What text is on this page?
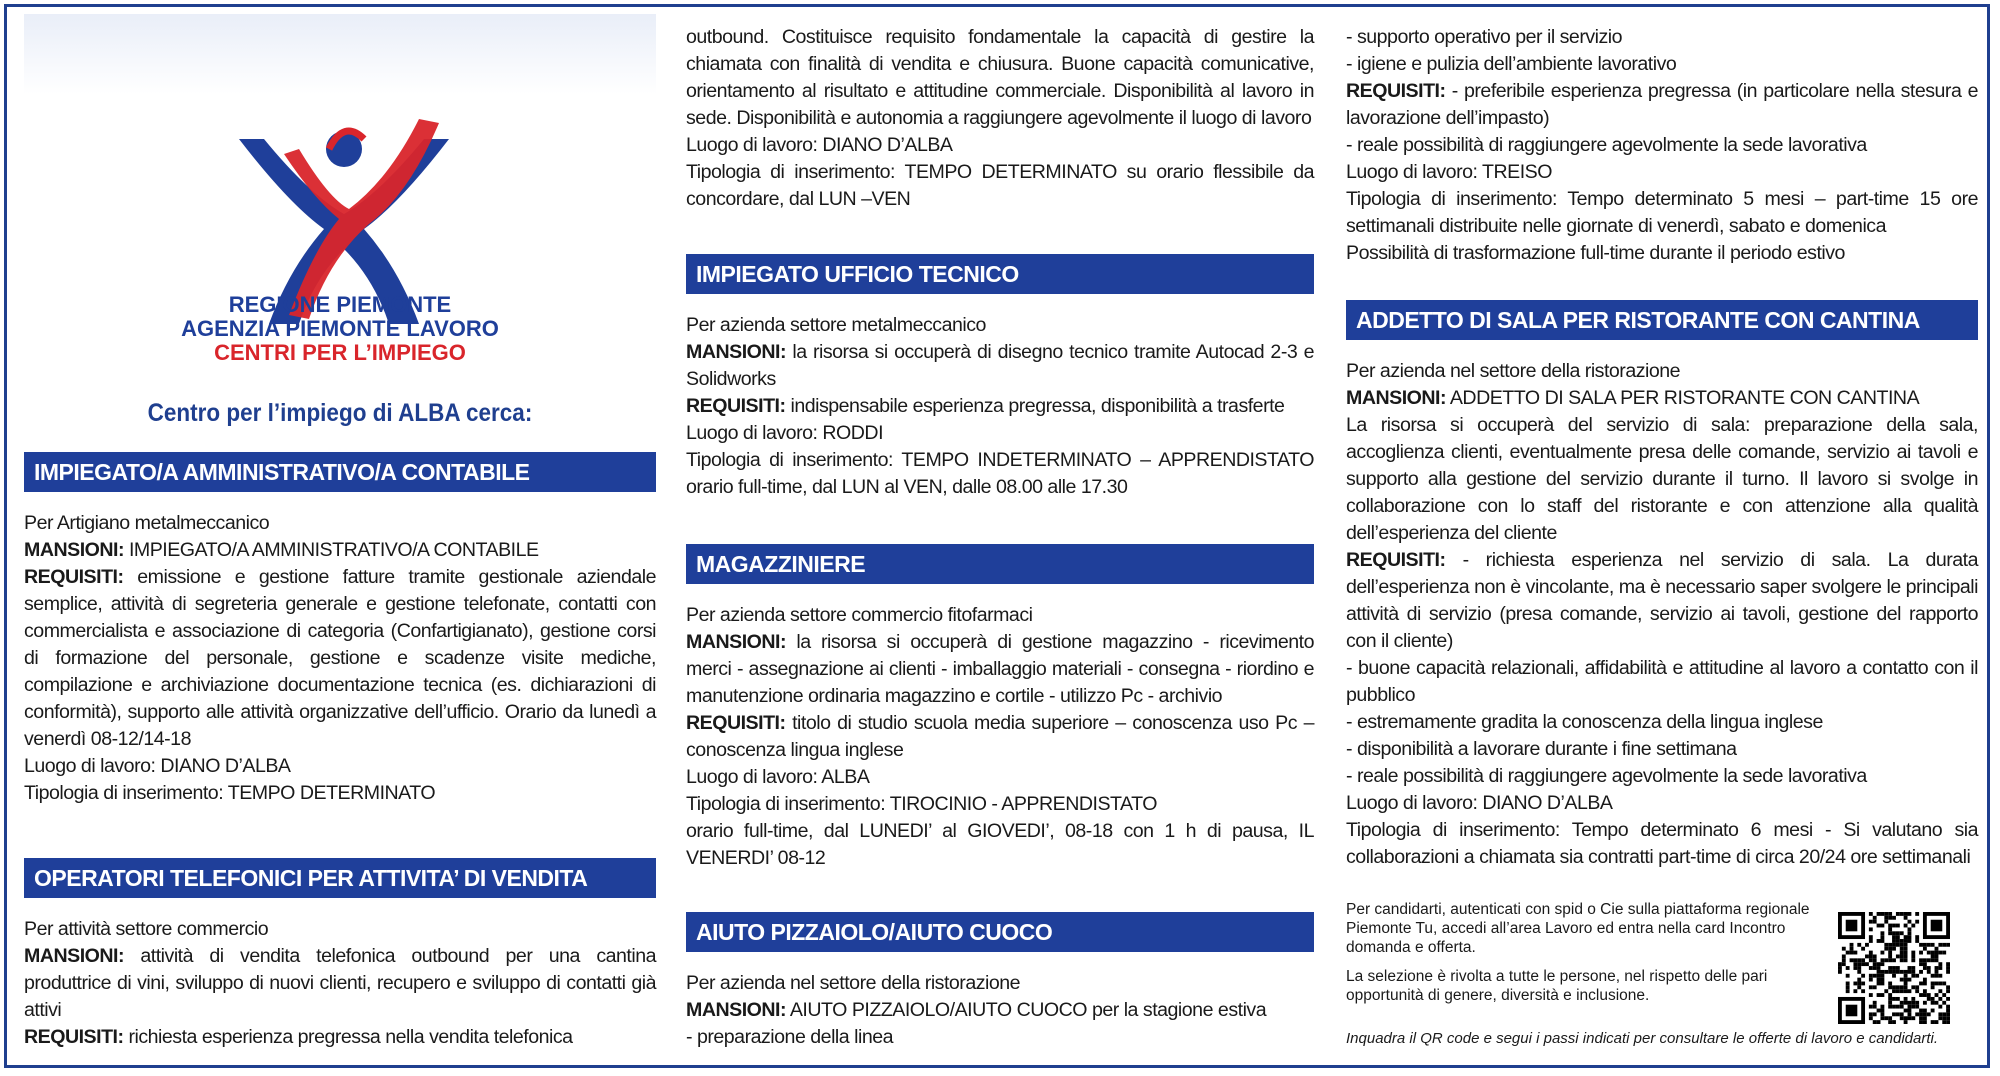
REGIONE PIEMONTE
AGENZIA PIEMONTE LAVORO
CENTRI PER L’IMPIEGO
Centro per l’impiego di ALBA cerca:
IMPIEGATO/A AMMINISTRATIVO/A CONTABILE

Per Artigiano metalmeccanico

MANSIONI: IMPIEGATO/A AMMINISTRATIVO/A CONTABILE

REQUISITI: emissione e gestione fatture tramite gestionale aziendale semplice, attività di segreteria generale e gestione telefonate, contatti con commercialista e associazione di categoria (Confartigianato), gestione corsi di formazione del personale, gestione e scadenze visite mediche, compilazione e archiviazione documentazione tecnica (es. dichiarazioni di conformità), supporto alle attività organizzative dell’ufficio. Orario da lunedì a venerdì 08-12/14-18

Luogo di lavoro: DIANO D’ALBA

Tipologia di inserimento: TEMPO DETERMINATO

OPERATORI TELEFONICI PER ATTIVITA’ DI VENDITA

Per attività settore commercio

MANSIONI: attività di vendita telefonica outbound per una cantina produttrice di vini, sviluppo di nuovi clienti, recupero e sviluppo di contatti già attivi

REQUISITI: richiesta esperienza pregressa nella vendita telefonica

outbound. Costituisce requisito fondamentale la capacità di gestire la chiamata con finalità di vendita e chiusura. Buone capacità comunicative, orientamento al risultato e attitudine commerciale. Disponibilità al lavoro in sede. Disponibilità e autonomia a raggiungere agevolmente il luogo di lavoro

Luogo di lavoro: DIANO D’ALBA

Tipologia di inserimento: TEMPO DETERMINATO su orario flessibile da concordare, dal LUN –VEN

IMPIEGATO UFFICIO TECNICO

Per azienda settore metalmeccanico

MANSIONI: la risorsa si occuperà di disegno tecnico tramite Autocad 2-3 e Solidworks

REQUISITI: indispensabile esperienza pregressa, disponibilità a trasferte

Luogo di lavoro: RODDI

Tipologia di inserimento: TEMPO INDETERMINATO – APPRENDISTATO orario full-time, dal LUN al VEN, dalle 08.00 alle 17.30

MAGAZZINIERE

Per azienda settore commercio fitofarmaci

MANSIONI: la risorsa si occuperà di gestione magazzino - ricevimento merci - assegnazione ai clienti - imballaggio materiali - consegna - riordino e manutenzione ordinaria magazzino e cortile - utilizzo Pc - archivio

REQUISITI: titolo di studio scuola media superiore – conoscenza uso Pc – conoscenza lingua inglese

Luogo di lavoro: ALBA

Tipologia di inserimento: TIROCINIO - APPRENDISTATO

orario full-time, dal LUNEDI’ al GIOVEDI’, 08-18 con 1 h di pausa, IL VENERDI’ 08-12

AIUTO PIZZAIOLO/AIUTO CUOCO

Per azienda nel settore della ristorazione

MANSIONI: AIUTO PIZZAIOLO/AIUTO CUOCO per la stagione estiva

- preparazione della linea

- supporto operativo per il servizio

- igiene e pulizia dell’ambiente lavorativo

REQUISITI: - preferibile esperienza pregressa (in particolare nella stesura e lavorazione dell’impasto)

- reale possibilità di raggiungere agevolmente la sede lavorativa

Luogo di lavoro: TREISO

Tipologia di inserimento: Tempo determinato 5 mesi – part-time 15 ore settimanali distribuite nelle giornate di venerdì, sabato e domenica

Possibilità di trasformazione full-time durante il periodo estivo

ADDETTO DI SALA PER RISTORANTE CON CANTINA

Per azienda nel settore della ristorazione

MANSIONI: ADDETTO DI SALA PER RISTORANTE CON CANTINA

La risorsa si occuperà del servizio di sala: preparazione della sala, accoglienza clienti, eventualmente presa delle comande, servizio ai tavoli e supporto alla gestione del servizio durante il turno. Il lavoro si svolge in collaborazione con lo staff del ristorante e con attenzione alla qualità dell’esperienza del cliente

REQUISITI: - richiesta esperienza nel servizio di sala. La durata dell’esperienza non è vincolante, ma è necessario saper svolgere le principali attività di servizio (presa comande, servizio ai tavoli, gestione del rapporto con il cliente)

- buone capacità relazionali, affidabilità e attitudine al lavoro a contatto con il pubblico

- estremamente gradita la conoscenza della lingua inglese

- disponibilità a lavorare durante i fine settimana

- reale possibilità di raggiungere agevolmente la sede lavorativa

Luogo di lavoro: DIANO D’ALBA

Tipologia di inserimento: Tempo determinato 6 mesi - Si valutano sia collaborazioni a chiamata sia contratti part-time di circa 20/24 ore settimanali

Per candidarti, autenticati con spid o Cie sulla piattaforma regionale Piemonte Tu, accedi all’area Lavoro ed entra nella card Incontro domanda e offerta.

La selezione è rivolta a tutte le persone, nel rispetto delle pari opportunità di genere, diversità e inclusione.

Inquadra il QR code e segui i passi indicati per consultare le offerte di lavoro e candidarti.
